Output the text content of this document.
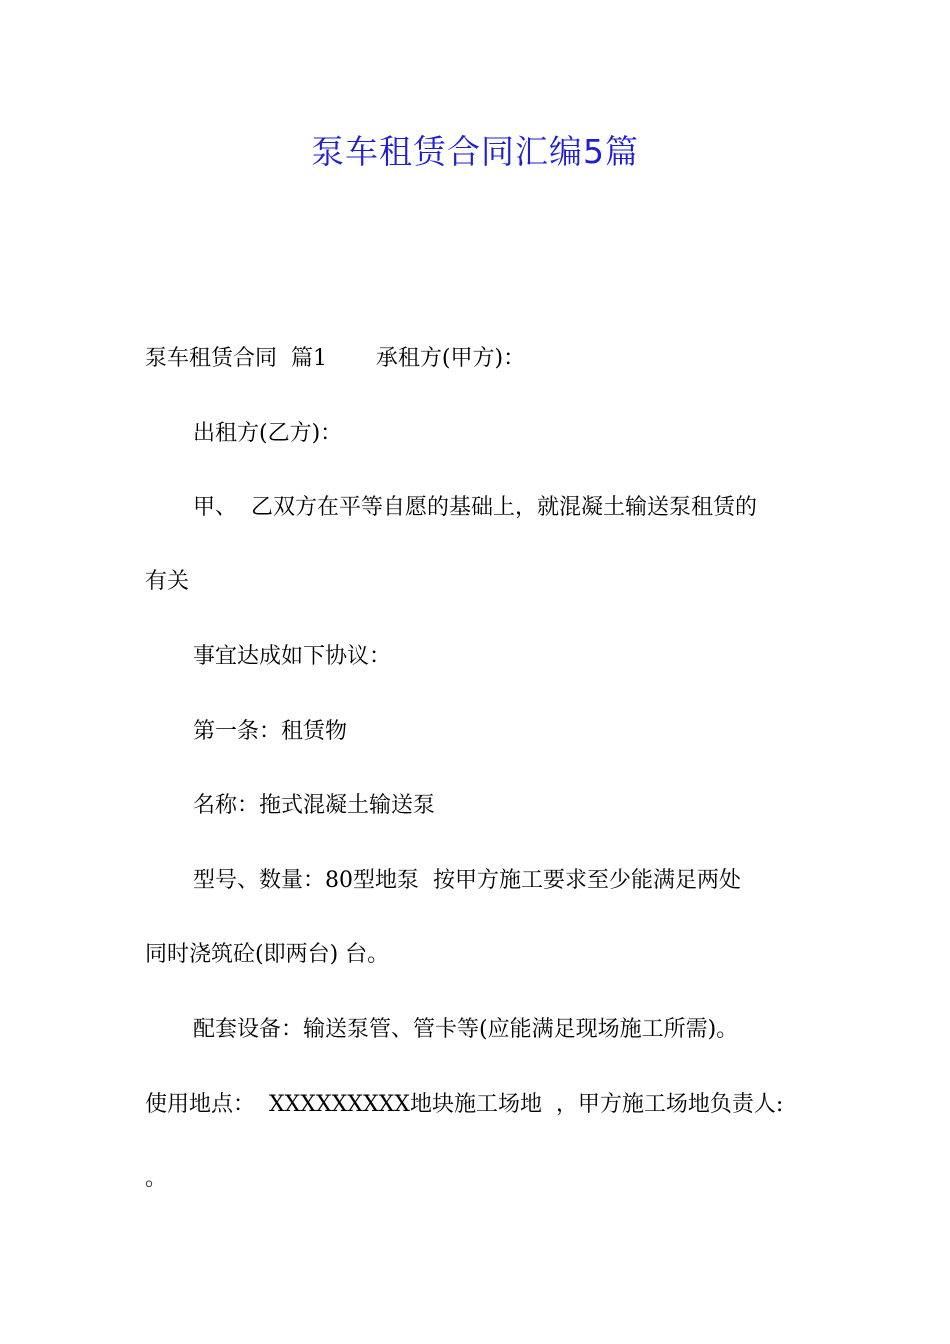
泵车租赁合同汇编5篇
泵车租赁合同  篇1       承租方(甲方)：
出租方(乙方)：
甲、  乙双方在平等自愿的基础上，就混凝土输送泵租赁的
有关
事宜达成如下协议：
第一条：租赁物
名称：拖式混凝土输送泵
型号、数量：80型地泵  按甲方施工要求至少能满足两处
同时浇筑砼(即两台) 台。
配套设备：输送泵管、管卡等(应能满足现场施工所需)。
使用地点：  XXXXXXXXX地块施工场地  ，甲方施工场地负责人:
。
